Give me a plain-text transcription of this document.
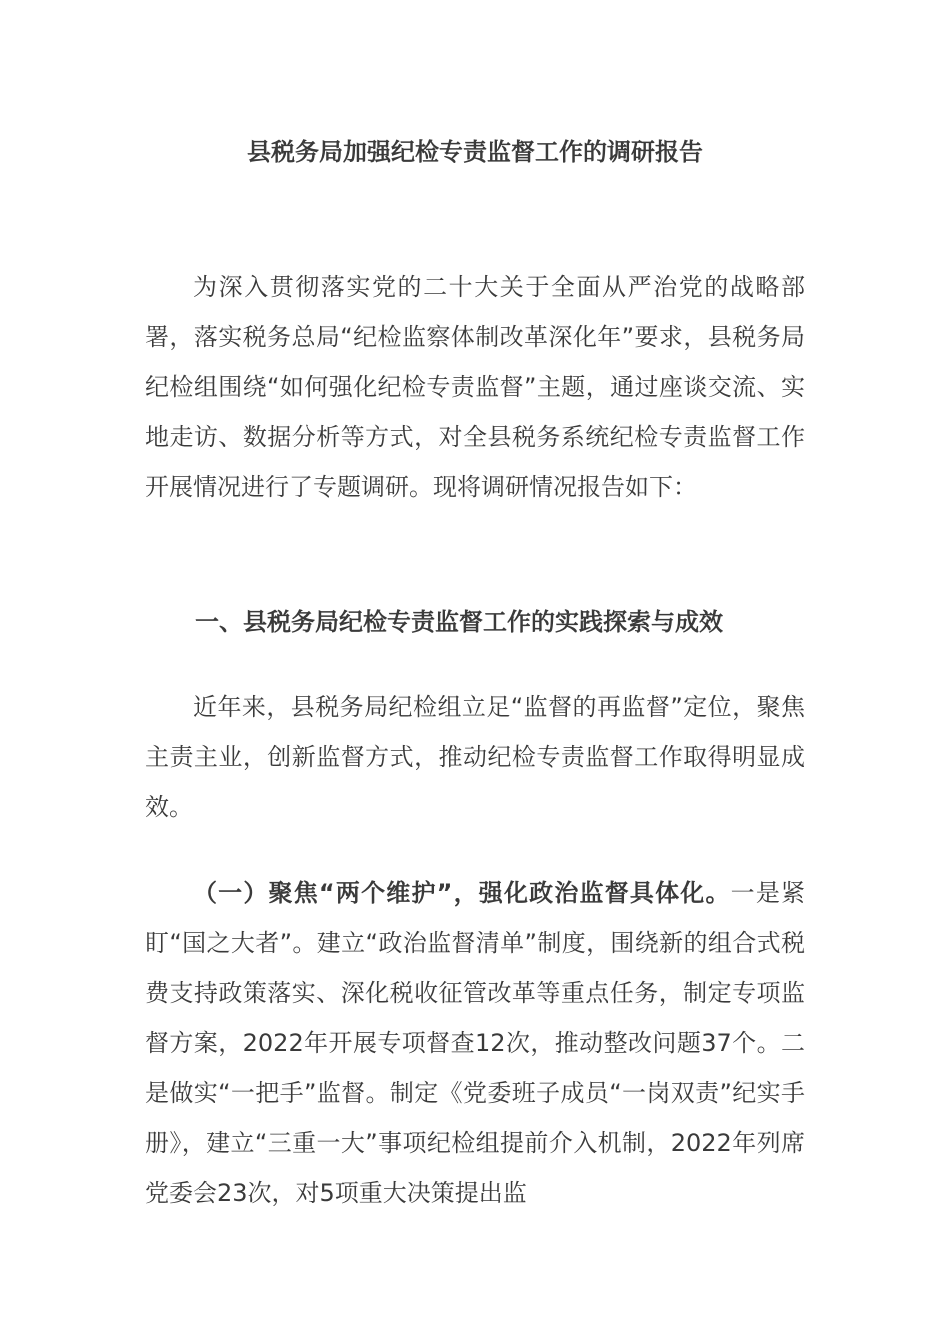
县税务局加强纪检专责监督工作的调研报告

为深入贯彻落实党的二十大关于全面从严治党的战略部署，落实税务总局“纪检监察体制改革深化年”要求，县税务局纪检组围绕“如何强化纪检专责监督”主题，通过座谈交流、实地走访、数据分析等方式，对全县税务系统纪检专责监督工作开展情况进行了专题调研。现将调研情况报告如下：

一、县税务局纪检专责监督工作的实践探索与成效

近年来，县税务局纪检组立足“监督的再监督”定位，聚焦主责主业，创新监督方式，推动纪检专责监督工作取得明显成效。

（一）聚焦“两个维护”，强化政治监督具体化。一是紧盯“国之大者”。建立“政治监督清单”制度，围绕新的组合式税费支持政策落实、深化税收征管改革等重点任务，制定专项监督方案，2022年开展专项督查12次，推动整改问题37个。二是做实“一把手”监督。制定《党委班子成员“一岗双责”纪实手册》，建立“三重一大”事项纪检组提前介入机制，2022年列席党委会23次，对5项重大决策提出监
